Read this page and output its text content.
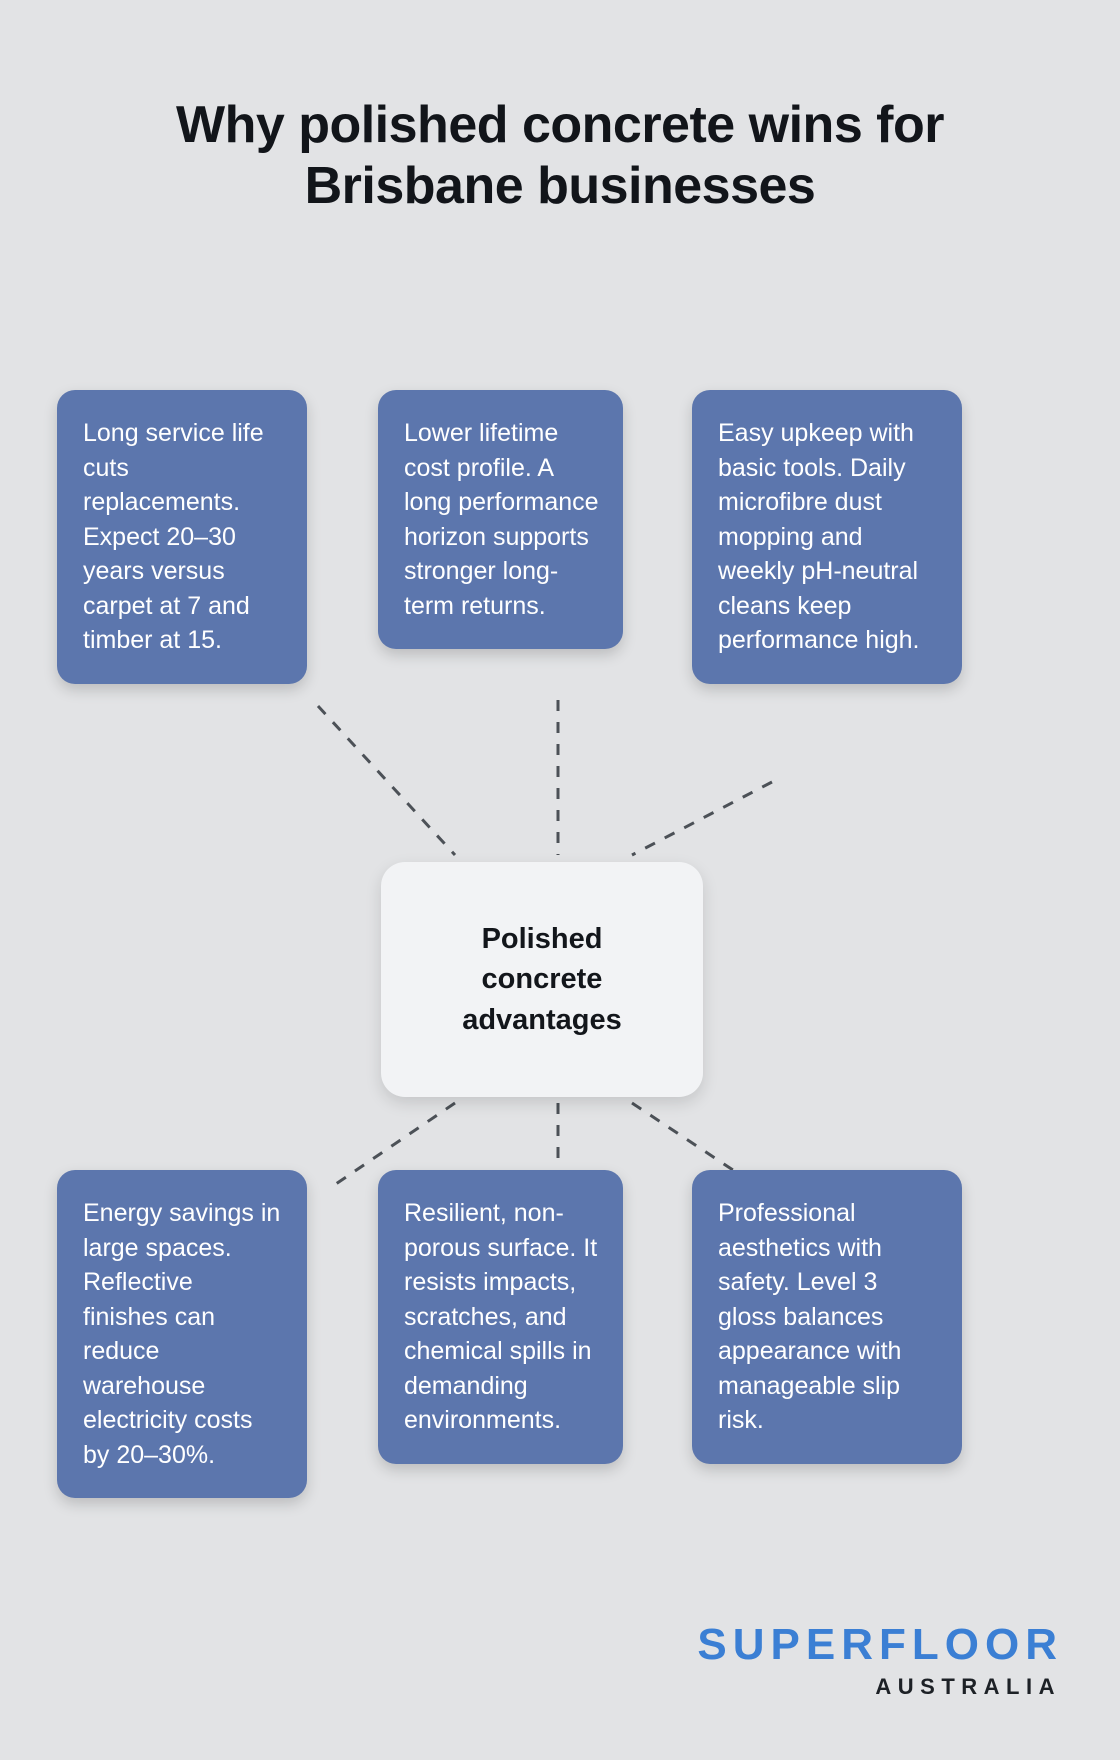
Why polished concrete wins for Brisbane businesses
Long service life cuts replacements. Expect 20–30 years versus carpet at 7 and timber at 15.
Lower lifetime cost profile. A long performance horizon supports stronger long-term returns.
Easy upkeep with basic tools. Daily microfibre dust mopping and weekly pH-neutral cleans keep performance high.
Energy savings in large spaces. Reflective finishes can reduce warehouse electricity costs by 20–30%.
Resilient, non-porous surface. It resists impacts, scratches, and chemical spills in demanding environments.
Professional aesthetics with safety. Level 3 gloss balances appearance with manageable slip risk.
Polished concrete advantages
SUPERFLOOR
AUSTRALIA
